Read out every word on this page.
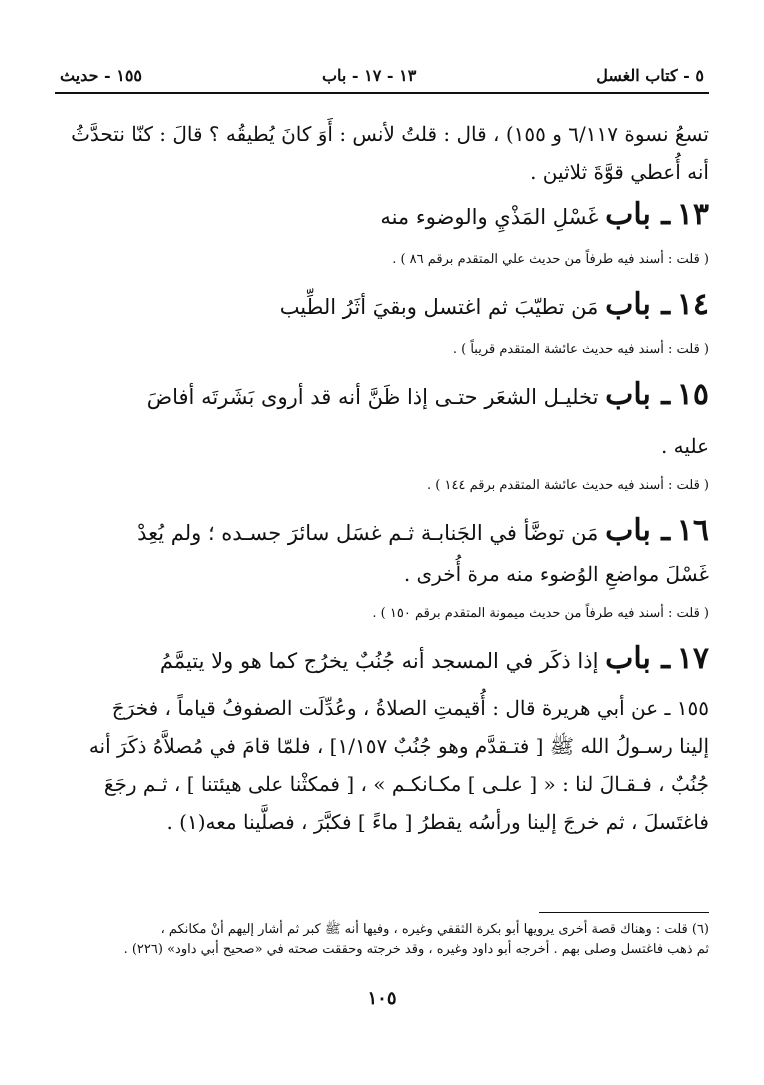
١٥٥ - حديث	١٣ - ١٧ - باب	٥ - كتاب الغسل

تسعُ نسوة ٦/١١٧ و ١٥٥) ، قال : قلتُ لأنس : أَوَ كانَ يُطيقُه ؟ قالَ : كنّا نتحدَّثُ

أنه أُعطي قوَّةَ ثلاثين .

١٣ ـ باب غَسْلِ المَذْيِ والوضوء منه

( قلت : أسند فيه طرفاً من حديث علي المتقدم برقم ٨٦ ) .

١٤ ـ باب مَن تطيّبَ ثم اغتسل وبقيَ أثَرُ الطِّيب

( قلت : أسند فيه حديث عائشة المتقدم قريباً ) .

١٥ ـ باب تخليـل الشعَر حتـى إذا ظَنَّ أنه قد أروى بَشَرتَه أفاضَ

عليه .

( قلت : أسند فيه حديث عائشة المتقدم برقم ١٤٤ ) .

١٦ ـ باب مَن توضَّأ في الجَنابـة ثـم غسَل سائرَ جسـده ؛ ولم يُعِدْ

غَسْلَ مواضعِ الوُضوء منه مرة أُخرى .

( قلت : أسند فيه طرفاً من حديث ميمونة المتقدم برقم ١٥٠ ) .

١٧ ـ باب إذا ذكَر في المسجد أنه جُنُبٌ يخرُج كما هو ولا يتيمَّمُ

١٥٥ ـ عن أبي هريرة قال : أُقيمتِ الصلاةُ ، وعُدِّلَت الصفوفُ قياماً ، فخرَجَ

إلينا رسـولُ الله ﷺ [ فتـقدَّم وهو جُنُبٌ ١/١٥٧] ، فلمّا قامَ في مُصلاَّهُ ذكَرَ أنه

جُنُبٌ ، فـقـالَ لنا : « [ علـى ] مكـانكـم » ، [ فمكثْنا على هيئتنا ] ، ثـم رجَعَ

فاغتَسلَ ، ثم خرجَ إلينا ورأسُه يقطرُ [ ماءً ] فكبَّرَ ، فصلَّينا معه(١) .

(٦) قلت : وهناك قصة أخرى يرويها أبو بكرة الثقفي وغيره ، وفيها أنه ﷺ كبر ثم أشار إليهم أنْ مكانكم ،

ثم ذهب فاغتسل وصلى بهم . أخرجه أبو داود وغيره ، وقد خرجته وحققت صحته في «صحيح أبي داود» (٢٢٦) .

١٠٥
